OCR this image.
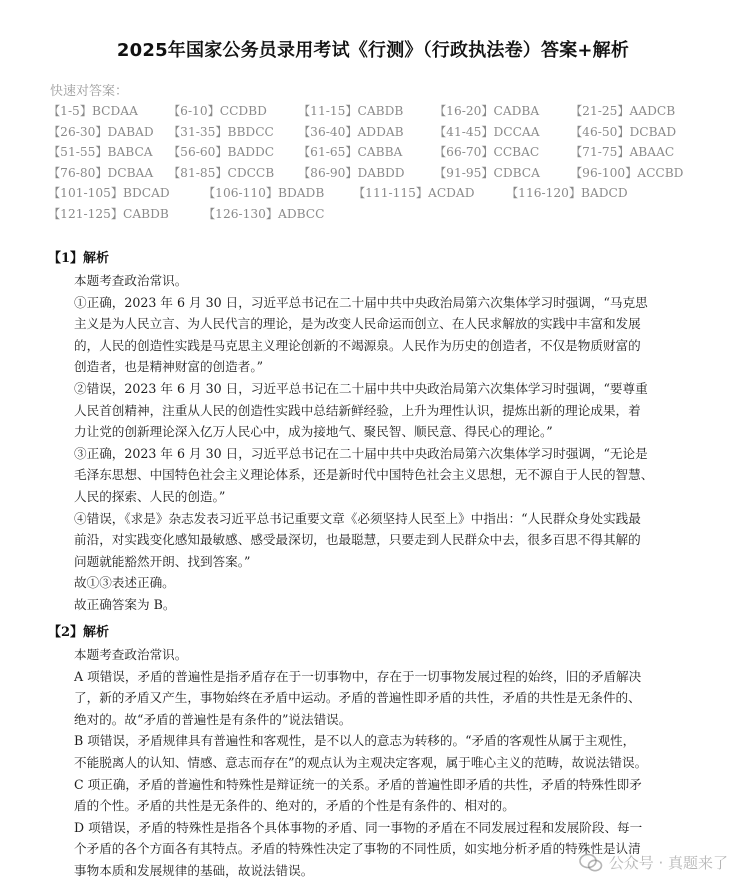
2025年国家公务员录用考试《行测》（行政执法卷）答案+解析
快速对答案：
【1-5】BCDAA 【6-10】CCDBD	【11-15】CABDB	【16-20】CADBA	【21-25】AADCB
【26-30】DABAD 【31-35】BBDCC 【36-40】ADDAB 【41-45】DCCAA 【46-50】DCBAD
【51-55】BABCA 【56-60】BADDC 【61-65】CABBA	【66-70】CCBAC	【71-75】ABAAC
【76-80】DCBAA 【81-85】CDCCB 【86-90】DABDD 【91-95】CDBCA 【96-100】ACCBD
【101-105】BDCAD	【106-110】BDADB 【111-115】ACDAD	【116-120】BADCD
【121-125】CABDB	【126-130】ADBCC
【1】解析
本题考查政治常识。
①正确，2023 年 6 月 30 日，习近平总书记在二十届中共中央政治局第六次集体学习时强调，“马克思
主义是为人民立言、为人民代言的理论，是为改变人民命运而创立、在人民求解放的实践中丰富和发展
的，人民的创造性实践是马克思主义理论创新的不竭源泉。人民作为历史的创造者，不仅是物质财富的
创造者，也是精神财富的创造者。”
②错误，2023 年 6 月 30 日，习近平总书记在二十届中共中央政治局第六次集体学习时强调，“要尊重
人民首创精神，注重从人民的创造性实践中总结新鲜经验，上升为理性认识，提炼出新的理论成果，着
力让党的创新理论深入亿万人民心中，成为接地气、聚民智、顺民意、得民心的理论。”
③正确，2023 年 6 月 30 日，习近平总书记在二十届中共中央政治局第六次集体学习时强调，“无论是
毛泽东思想、中国特色社会主义理论体系，还是新时代中国特色社会主义思想，无不源自于人民的智慧、
人民的探索、人民的创造。”
④错误，《求是》杂志发表习近平总书记重要文章《必须坚持人民至上》中指出：“人民群众身处实践最
前沿，对实践变化感知最敏感、感受最深切，也最聪慧，只要走到人民群众中去，很多百思不得其解的
问题就能豁然开朗、找到答案。”
故①③表述正确。
故正确答案为 B。
【2】解析
本题考查政治常识。
A 项错误，矛盾的普遍性是指矛盾存在于一切事物中，存在于一切事物发展过程的始终，旧的矛盾解决
了，新的矛盾又产生，事物始终在矛盾中运动。矛盾的普遍性即矛盾的共性，矛盾的共性是无条件的、
绝对的。故“矛盾的普遍性是有条件的”说法错误。
B 项错误，矛盾规律具有普遍性和客观性，是不以人的意志为转移的。“矛盾的客观性从属于主观性，
不能脱离人的认知、情感、意志而存在”的观点认为主观决定客观，属于唯心主义的范畴，故说法错误。
C 项正确，矛盾的普遍性和特殊性是辩证统一的关系。矛盾的普遍性即矛盾的共性，矛盾的特殊性即矛
盾的个性。矛盾的共性是无条件的、绝对的，矛盾的个性是有条件的、相对的。
D 项错误，矛盾的特殊性是指各个具体事物的矛盾、同一事物的矛盾在不同发展过程和发展阶段、每一
个矛盾的各个方面各有其特点。矛盾的特殊性决定了事物的不同性质，如实地分析矛盾的特殊性是认清
事物本质和发展规律的基础，故说法错误。	公众号 · 真题来了
